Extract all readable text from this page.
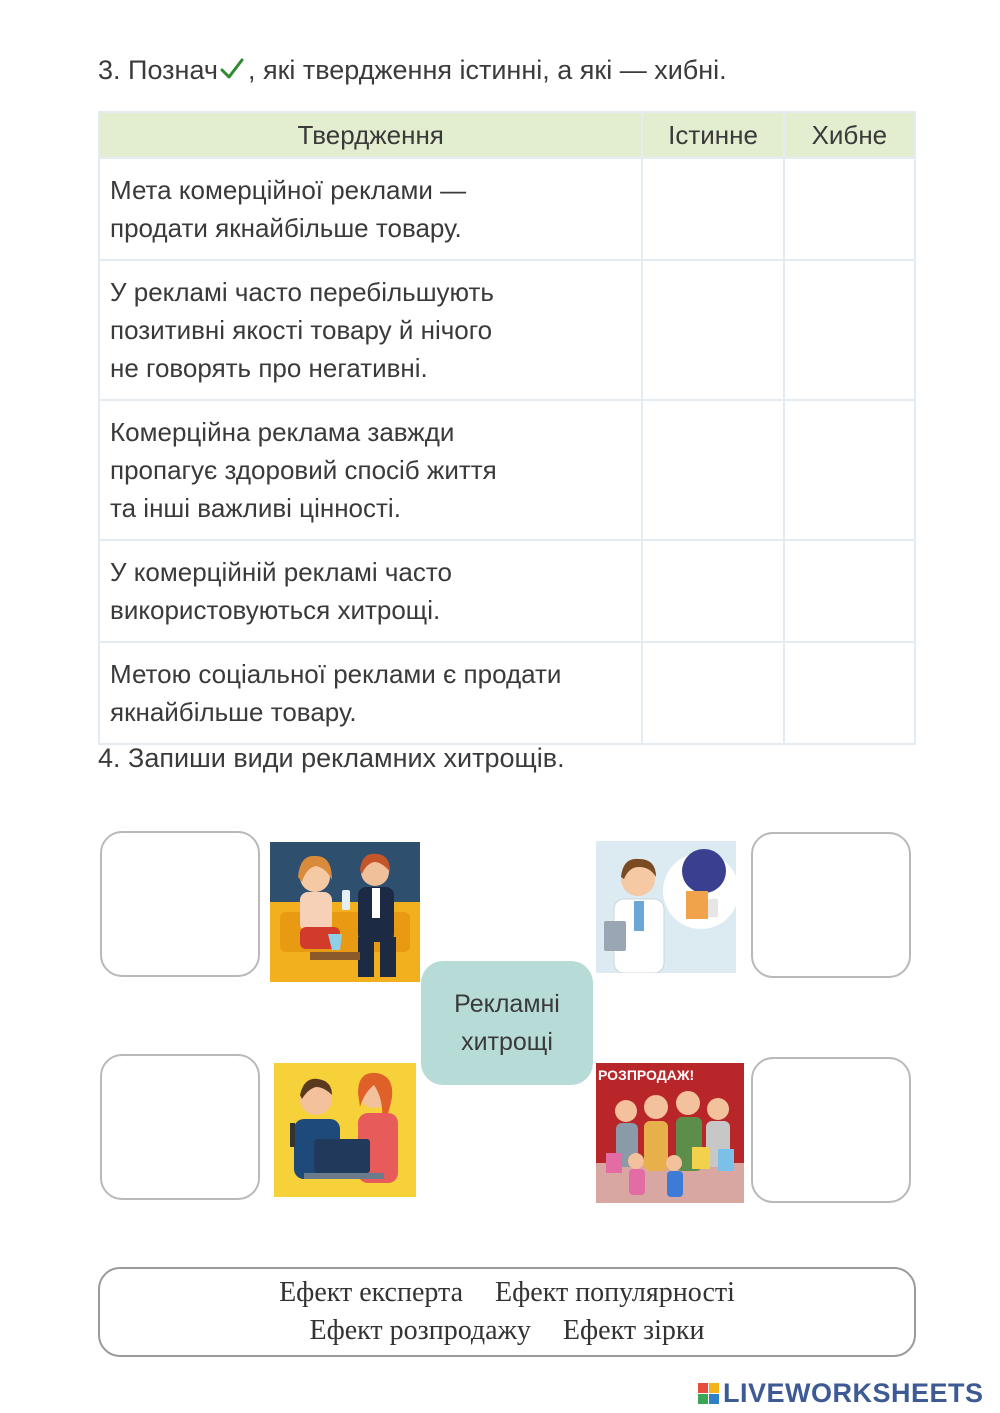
3. Познач , які твердження істинні, а які — хибні.
Твердження	Істинне	Хибне

Мета комерційної реклами —
продати якнайбільше товару.		

У рекламі часто перебільшують
позитивні якості товару й нічого
не говорять про негативні.		

Комерційна реклама завжди
пропагує здоровий спосіб життя
та інші важливі цінності.		

У комерційній рекламі часто
використовуються хитрощі.		

Метою соціальної реклами є продати
якнайбільше товару.		

4. Запиши види рекламних хитрощів.
РОЗПРОДАЖ!
Рекламні
хитрощі
Ефект експерта Ефект популярності
Ефект розпродажу Ефект зірки
LIVEWORKSHEETS
